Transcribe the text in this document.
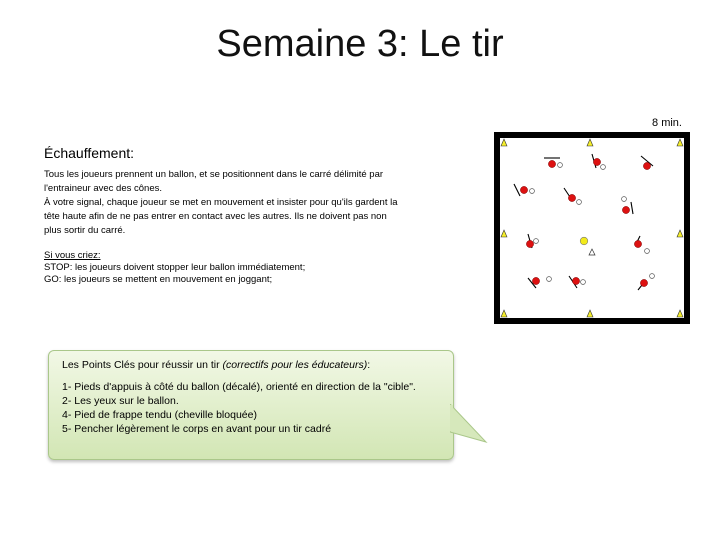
Semaine 3: Le tir
8 min.
Échauffement:

Tous les joueurs prennent un ballon, et se positionnent dans le carré délimité par l'entraineur avec des cônes.

À votre signal, chaque joueur se met en mouvement et insister pour qu'ils gardent la tête haute afin de ne pas entrer en contact avec les autres. Ils ne doivent pas non plus sortir du carré.

Si vous criez:
STOP: les joueurs doivent stopper leur ballon immédiatement;
GO: les joueurs se mettent en mouvement en joggant;
Les Points Clés pour réussir un tir (correctifs pour les éducateurs):
1- Pieds d'appuis à côté du ballon (décalé), orienté en direction de la "cible".
2- Les yeux sur le ballon.
4- Pied de frappe tendu (cheville bloquée)
5- Pencher légèrement le corps en avant pour un tir cadré
